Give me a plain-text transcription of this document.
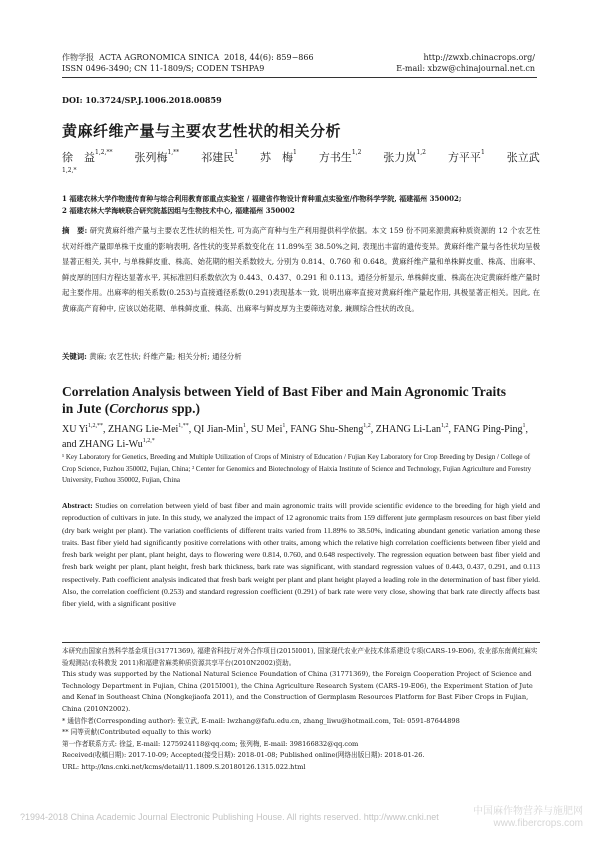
作物学报 ACTA AGRONOMICA SINICA 2018, 44(6): 859−866
ISSN 0496-3490; CN 11-1809/S; CODEN TSHPA9
http://zwxb.chinacrops.org/
E-mail: xbzw@chinajournal.net.cn
DOI: 10.3724/SP.J.1006.2018.00859
黄麻纤维产量与主要农艺性状的相关分析
徐　益$^{1,2,**}$ 张列梅$^{1,**}$ 祁建民$^1$ 苏　梅$^1$ 方书生$^{1,2}$ 张力岚$^{1,2}$ 方平平$^1$ 张立武$^{1,2,*}$
1 福建农林大学作物遗传育种与综合利用教育部重点实验室 / 福建省作物设计育种重点实验室/作物科学学院, 福建福州 350002;
2 福建农林大学海峡联合研究院基因组与生物技术中心, 福建福州 350002
摘　要: 研究黄麻纤维产量与主要农艺性状的相关性, 可为高产育种与生产利用提供科学依据。本文 159 份不同来源黄麻种质资源的 12 个农艺性状对纤维产量即单株干皮重的影响表明, 各性状的变异系数变化在 11.89%至 38.50%之间, 表现出丰富的遗传变异。黄麻纤维产量与各性状均呈极显著正相关, 其中, 与单株鲜皮重、株高、始花期的相关系数较大, 分别为 0.814、0.760 和 0.648。黄麻纤维产量和单株鲜皮重、株高、出麻率、鲜皮厚的回归方程达显著水平, 其标准回归系数依次为 0.443、0.437、0.291 和 0.113。通径分析显示, 单株鲜皮重、株高在决定黄麻纤维产量时起主要作用。出麻率的相关系数(0.253)与直接通径系数(0.291)表现基本一致, 说明出麻率直接对黄麻纤维产量起作用, 具极显著正相关。因此, 在黄麻高产育种中, 应该以始花期、单株鲜皮重、株高、出麻率与鲜皮厚为主要筛选对象, 兼顾综合性状的改良。
关键词: 黄麻; 农艺性状; 纤维产量; 相关分析; 通径分析
Correlation Analysis between Yield of Bast Fiber and Main Agronomic Traits
in Jute (Corchorus spp.)
XU $Yi^{1,2,**}$, ZHANG Lie-Mei$^{1,**}$, QI Jian-Min$^1$, SU Mei$^1$, FANG Shu-Sheng$^{1,2}$, ZHANG Li-Lan$^{1,2}$, FANG Ping-Ping$^1$, and ZHANG $Li-Wu^{1,2,*}$
¹ Key Laboratory for Genetics, Breeding and Multiple Utilization of Crops of Ministry of Education / Fujian Key Laboratory for Crop Breeding by Design / College of Crop Science, Fuzhou 350002, Fujian, China; ² Center for Genomics and Biotechnology of Haixia Institute of Science and Technology, Fujian Agriculture and Forestry University, Fuzhou 350002, Fujian, China
Abstract: Studies on correlation between yield of bast fiber and main agronomic traits will provide scientific evidence to the breeding for high yield and reproduction of cultivars in jute. In this study, we analyzed the impact of 12 agronomic traits from 159 different jute germplasm resources on bast fiber yield (dry bark weight per plant). The variation coefficients of different traits varied from 11.89% to 38.50%, indicating abundant genetic variation among these traits. Bast fiber yield had significantly positive correlations with other traits, among which the relative high correlation coefficients between fiber yield and fresh bark weight per plant, plant height, days to flowering were 0.814, 0.760, and 0.648 respectively. The regression equation between bast fiber yield and fresh bark weight per plant, plant height, fresh bark thickness, bark rate was significant, with standard regression values of 0.443, 0.437, 0.291, and 0.113 respectively. Path coefficient analysis indicated that fresh bark weight per plant and plant height played a leading role in the determination of bast fiber yield. Also, the correlation coefficient (0.253) and standard regression coefficient (0.291) of bark rate were very close, showing that bark rate directly affects bast fiber yield, with a significant positive

本研究由国家自然科学基金项目(31771369), 福建省科技厅对外合作项目(2015I001), 国家现代农业产业技术体系建设专项(CARS-19-E06), 农业部东南黄红麻实验观测站(农科教发 2011)和福建省麻类种质资源共享平台(2010N2002)资助。

This study was supported by the National Natural Science Foundation of China (31771369), the Foreign Cooperation Project of Science and Technology Department in Fujian, China (2015I001), the China Agriculture Research System (CARS-19-E06), the Experiment Station of Jute and Kenaf in Southeast China (Nongkejiaofa 2011), and the Construction of Germplasm Resources Platform for Bast Fiber Crops in Fujian, China (2010N2002).

* 通信作者(Corresponding author): 张立武, E-mail: lwzhang@fafu.edu.cn, zhang_liwu@hotmail.com, Tel: 0591-87644898

** 同等贡献(Contributed equally to this work)

第一作者联系方式: 徐益, E-mail: 1275924118@qq.com; 张列梅, E-mail: 398166832@qq.com

Received(收稿日期): 2017-10-09; Accepted(接受日期): 2018-01-08; Published online(网络出版日期): 2018-01-26.

URL: http://kns.cnki.net/kcms/detail/11.1809.S.20180126.1315.022.html

?1994-2018 China Academic Journal Electronic Publishing House. All rights reserved. http://www.cnki.net	中国麻作物营养与施肥网
www.fibercrops.com
